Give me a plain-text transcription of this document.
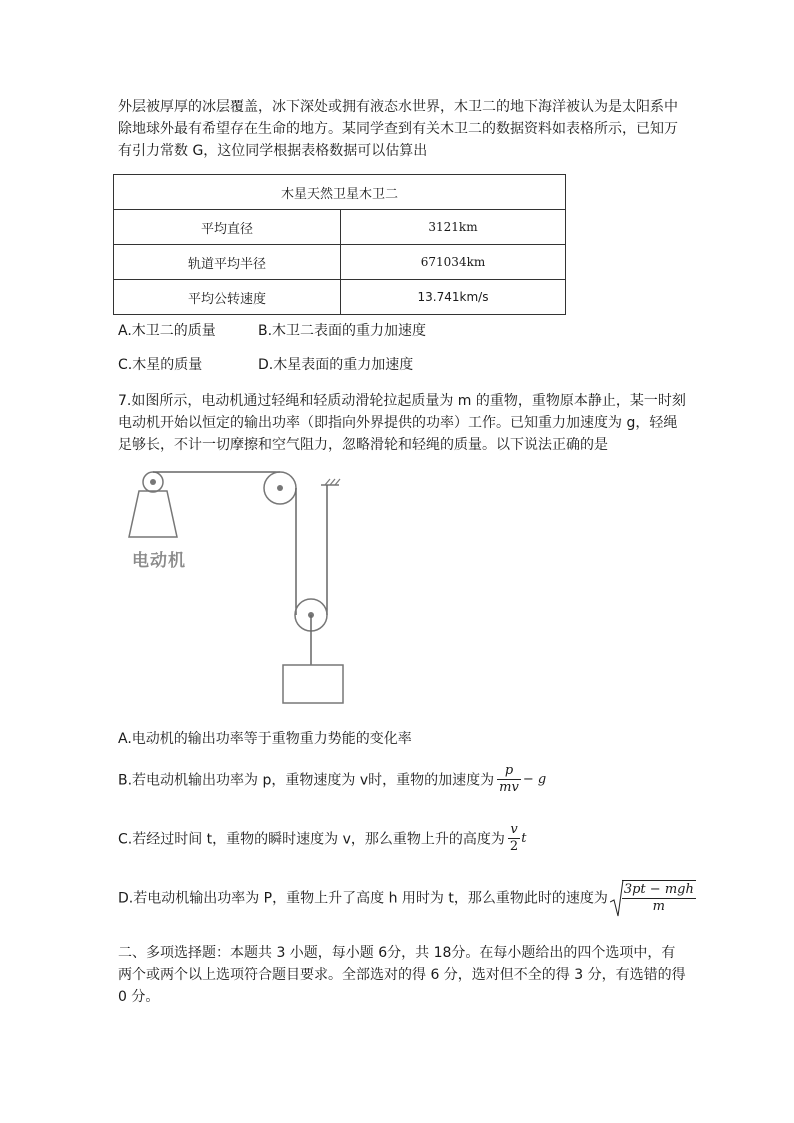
外层被厚厚的冰层覆盖，冰下深处或拥有液态水世界，木卫二的地下海洋被认为是太阳系中
除地球外最有希望存在生命的地方。某同学查到有关木卫二的数据资料如表格所示，已知万
有引力常数 G，这位同学根据表格数据可以估算出
木星天然卫星木卫二	
平均直径	3121km
轨道平均半径	671034km
平均公转速度	13.741km/s
A.木卫二的质量	B.木卫二表面的重力加速度
C.木星的质量	D.木星表面的重力加速度
7.如图所示，电动机通过轻绳和轻质动滑轮拉起质量为 m 的重物，重物原本静止，某一时刻
电动机开始以恒定的输出功率（即指向外界提供的功率）工作。已知重力加速度为 g，轻绳
足够长，不计一切摩擦和空气阻力，忽略滑轮和轻绳的质量。以下说法正确的是
电动机
A.电动机的输出功率等于重物重力势能的变化率
B.若电动机输出功率为 p，重物速度为 v时，重物的加速度为 $\frac{p}{mv} - g$
C.若经过时间 t，重物的瞬时速度为 v，那么重物上升的高度为 $\frac{v}{2}$ t
D.若电动机输出功率为 P，重物上升了高度 h 用时为 t，那么重物此时的速度为 $\frac{\text{3pt − mgh}}{m}$
二、多项选择题：本题共 3 小题，每小题 6分，共 18分。在每小题给出的四个选项中，有
两个或两个以上选项符合题目要求。全部选对的得 6 分，选对但不全的得 3 分，有选错的得
0 分。
